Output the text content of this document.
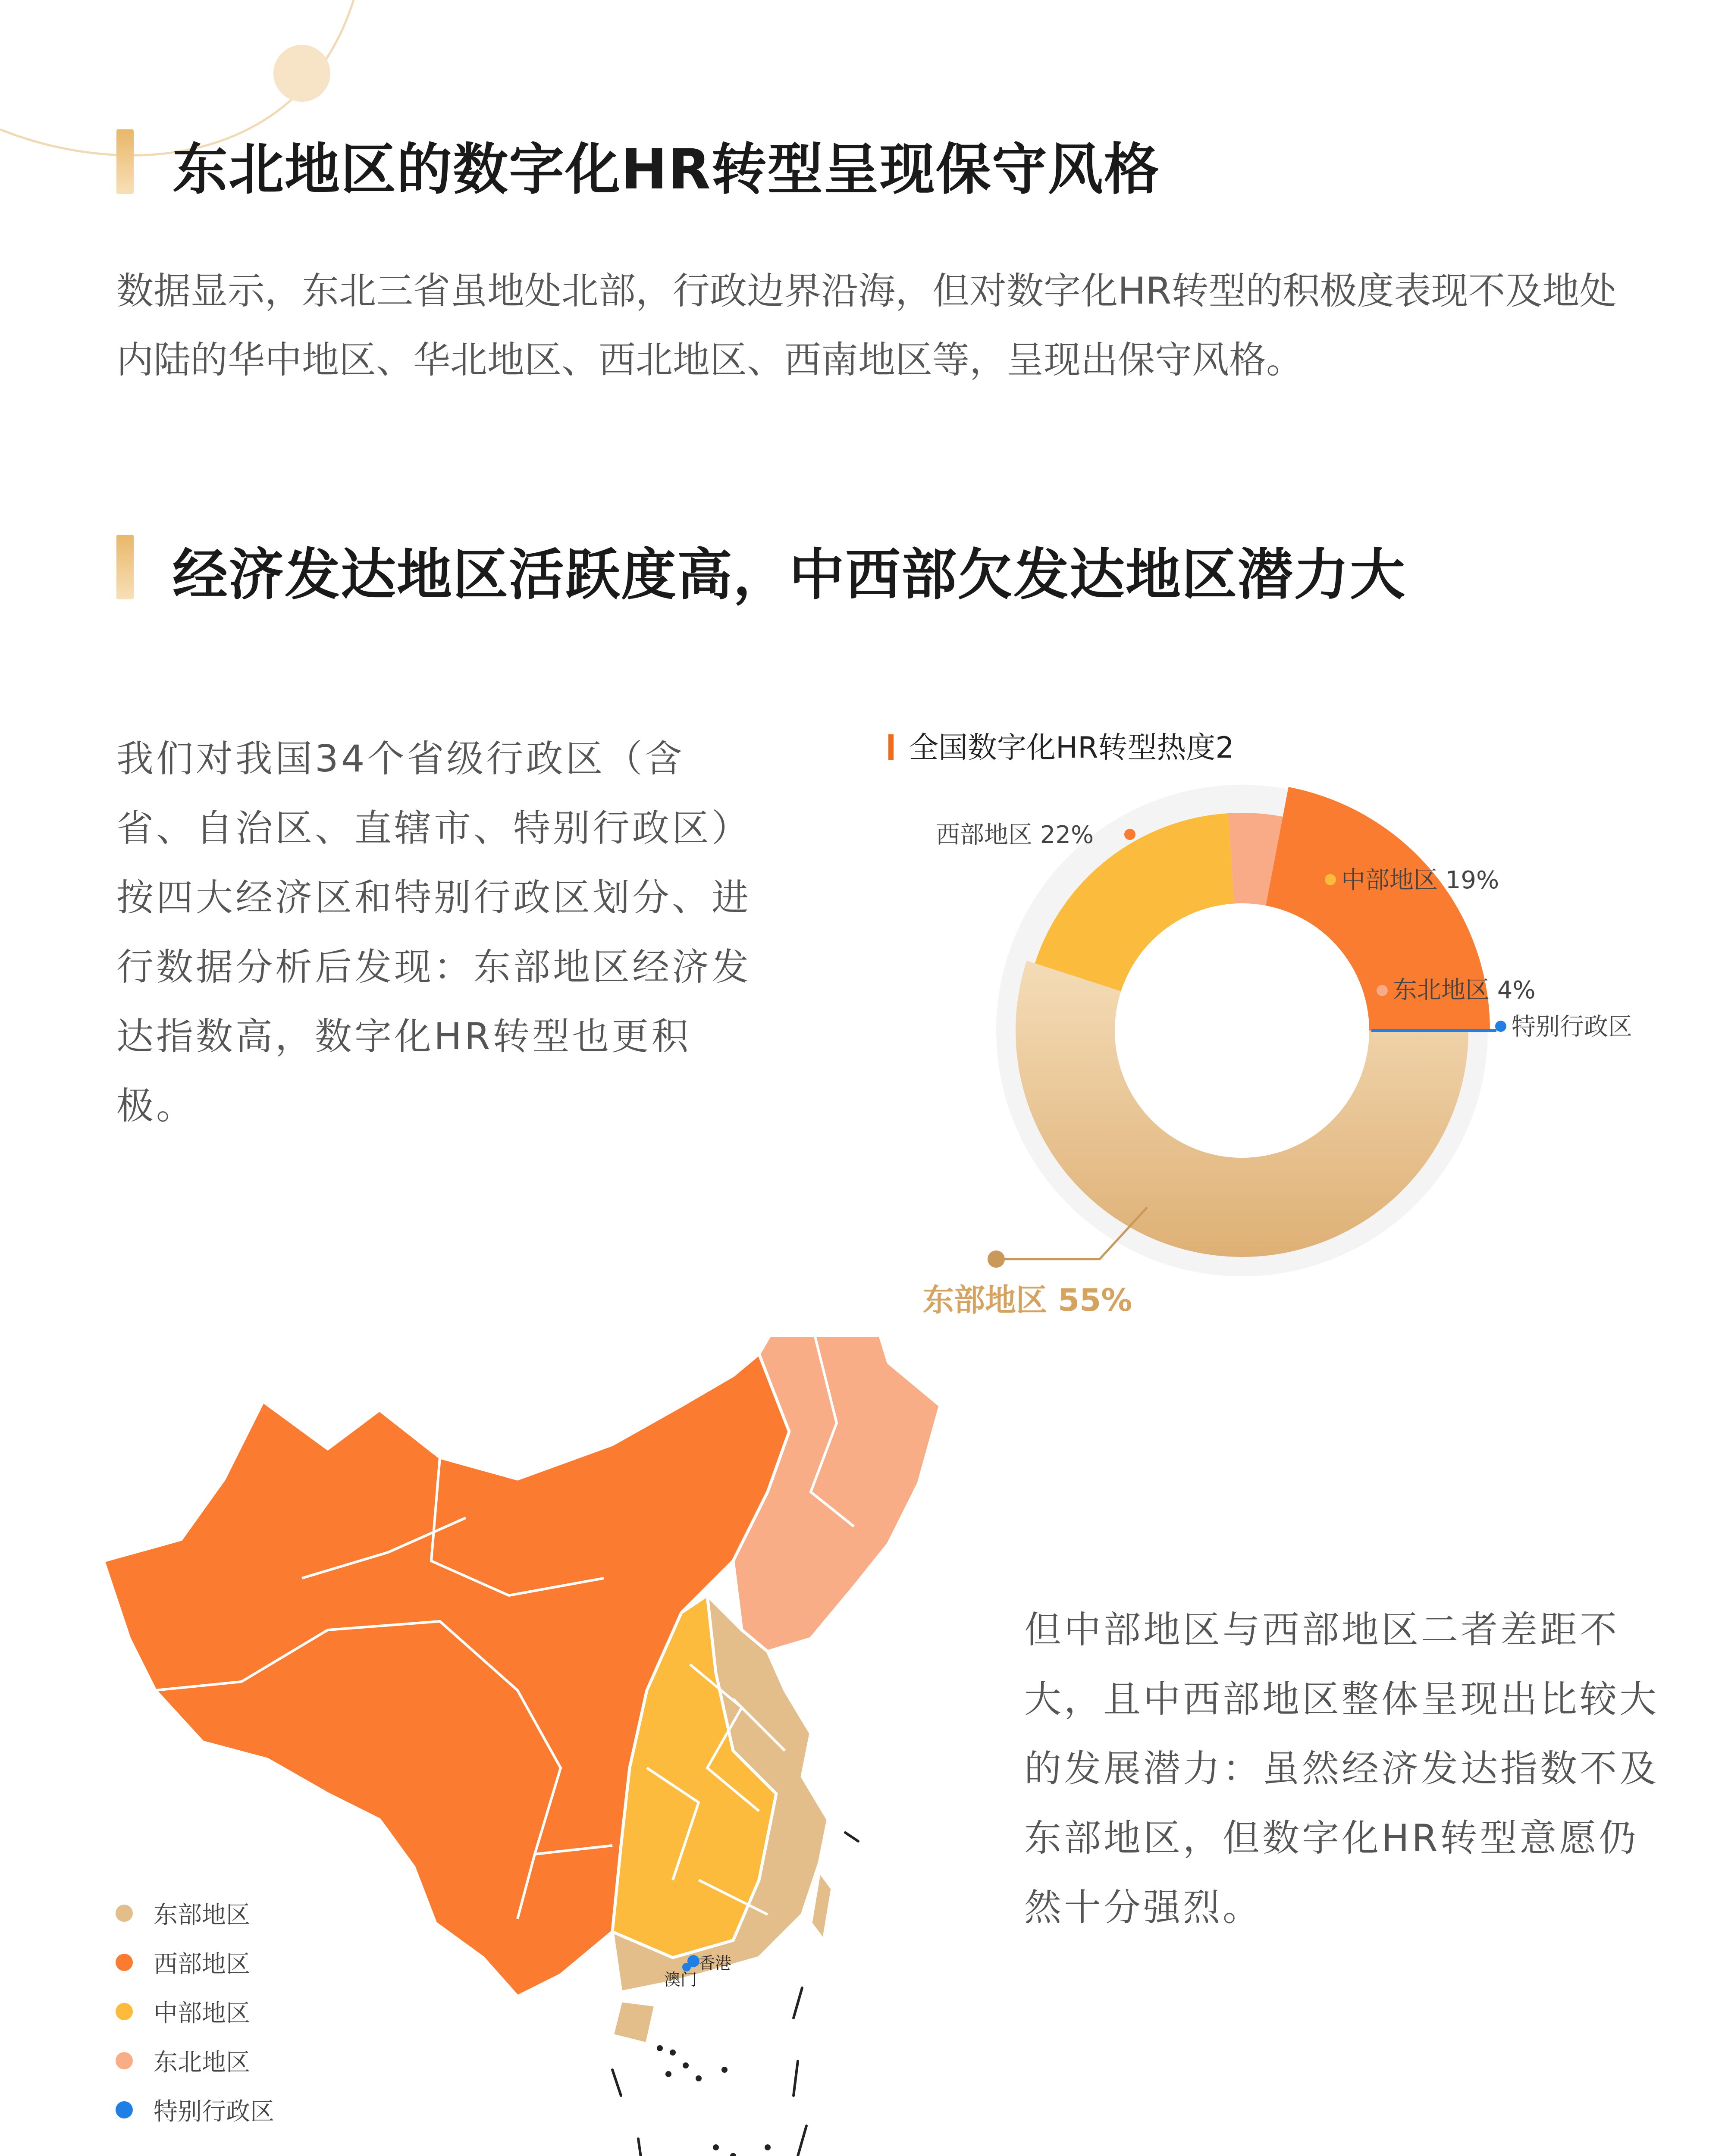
东北地区的数字化HR转型呈现保守风格
数据显示，东北三省虽地处北部，行政边界沿海，但对数字化HR转型的积极度表现不及地处内陆的华中地区、华北地区、西北地区、西南地区等，呈现出保守风格。
经济发达地区活跃度高，中西部欠发达地区潜力大
我们对我国34个省级行政区（含省、自治区、直辖市、特别行政区）按四大经济区和特别行政区划分、进行数据分析后发现：东部地区经济发达指数高，数字化HR转型也更积极。
全国数字化HR转型热度2
东部地区 55%
中部地区 19%
东北地区 4%
特别行政区
西部地区 22%
香港
澳门
东部地区
西部地区
中部地区
东北地区
特别行政区
但中部地区与西部地区二者差距不大，且中西部地区整体呈现出比较大的发展潜力：虽然经济发达指数不及东部地区，但数字化HR转型意愿仍然十分强烈。
